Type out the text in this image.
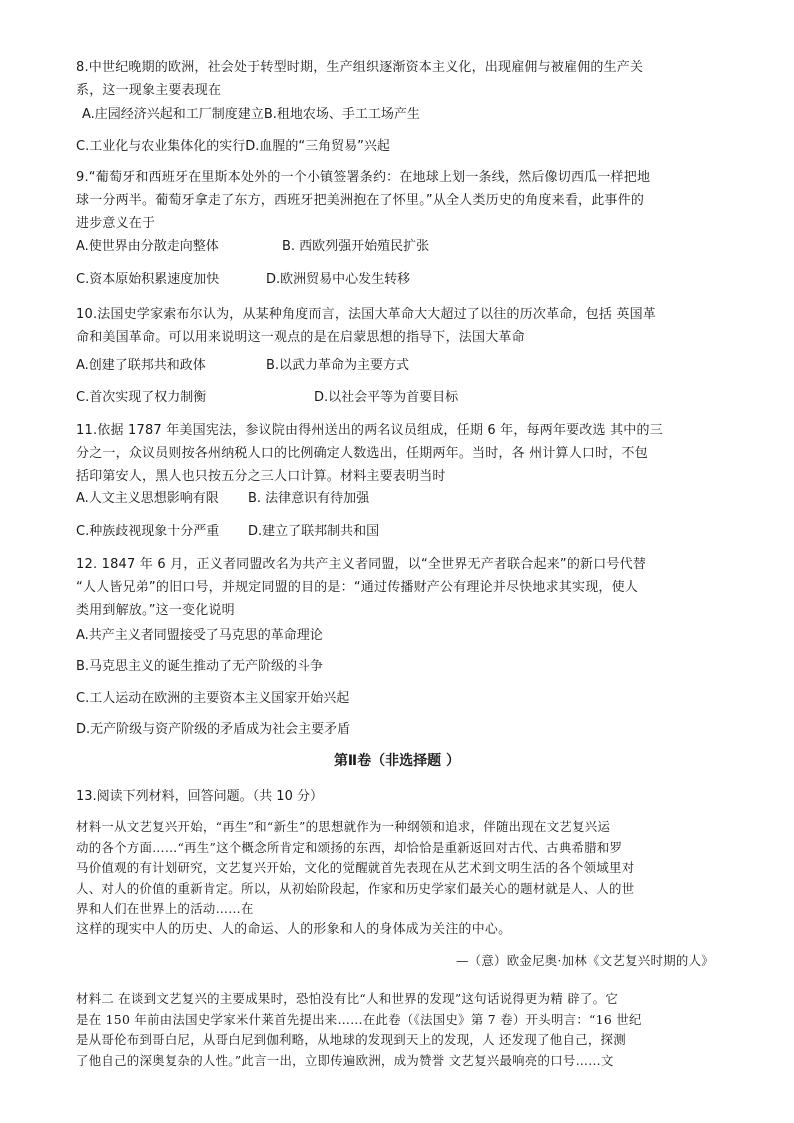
8.中世纪晚期的欧洲，社会处于转型时期，生产组织逐渐资本主义化，出现雇佣与被雇佣的生产关
系，这一现象主要表现在

A.庄园经济兴起和工厂制度建立B.租地农场、手工工场产生
C.工业化与农业集体化的实行D.血腥的“三角贸易”兴起

9.“葡萄牙和西班牙在里斯本处外的一个小镇签署条约：在地球上划一条线，然后像切西瓜一样把地
球一分两半。葡萄牙拿走了东方，西班牙把美洲抱在了怀里。”从全人类历史的角度来看，此事件的
进步意义在于

A.使世界由分散走向整体	B. 西欧列强开始殖民扩张
C.资本原始积累速度加快	D.欧洲贸易中心发生转移

10.法国史学家索布尔认为，从某种角度而言，法国大革命大大超过了以往的历次革命，包括 英国革
命和美国革命。可以用来说明这一观点的是在启蒙思想的指导下，法国大革命

A.创建了联邦共和政体	B.以武力革命为主要方式
C.首次实现了权力制衡	D.以社会平等为首要目标

11.依据 1787 年美国宪法，参议院由得州送出的两名议员组成，任期 6 年，每两年要改选 其中的三
分之一，众议员则按各州纳税人口的比例确定人数选出，任期两年。当时，各 州计算人口时，不包
括印第安人，黑人也只按五分之三人口计算。材料主要表明当时

A.人文主义思想影响有限 B. 法律意识有待加强
C.种族歧视现象十分严重 D.建立了联邦制共和国

12. 1847 年 6 月，正义者同盟改名为共产主义者同盟，以“全世界无产者联合起来”的新口号代替
“人人皆兄弟”的旧口号，并规定同盟的目的是：“通过传播财产公有理论并尽快地求其实现，使人
类用到解放。”这一变化说明

A.共产主义者同盟接受了马克思的革命理论
B.马克思主义的诞生推动了无产阶级的斗争
C.工人运动在欧洲的主要资本主义国家开始兴起
D.无产阶级与资产阶级的矛盾成为社会主要矛盾
第Ⅱ卷（非选择题 ）
13.阅读下列材料，回答问题。（共 10 分）
材料一从文艺复兴开始，“再生”和“新生”的思想就作为一种纲领和追求，伴随出现在文艺复兴运
动的各个方面……“再生”这个概念所肯定和颂扬的东西，却恰恰是重新返回对古代、古典希腊和罗
马价值观的有计划研究，文艺复兴开始，文化的觉醒就首先表现在从艺术到文明生活的各个领域里对
人、对人的价值的重新肯定。所以，从初始阶段起，作家和历史学家们最关心的题材就是人、人的世
界和人们在世界上的活动……在
这样的现实中人的历史、人的命运、人的形象和人的身体成为关注的中心。
—（意）欧金尼奥·加林《文艺复兴时期的人》
材料二 在谈到文艺复兴的主要成果时，恐怕没有比“人和世界的发现”这句话说得更为精 辟了。它
是在 150 年前由法国史学家米什莱首先提出来……在此卷（《法国史》第 7 卷）开头明言：“16 世纪
是从哥伦布到哥白尼，从哥白尼到伽利略，从地球的发现到天上的发现，人 还发现了他自己，探测
了他自己的深奥复杂的人性。”此言一出，立即传遍欧洲，成为赞誉 文艺复兴最响亮的口号……文
